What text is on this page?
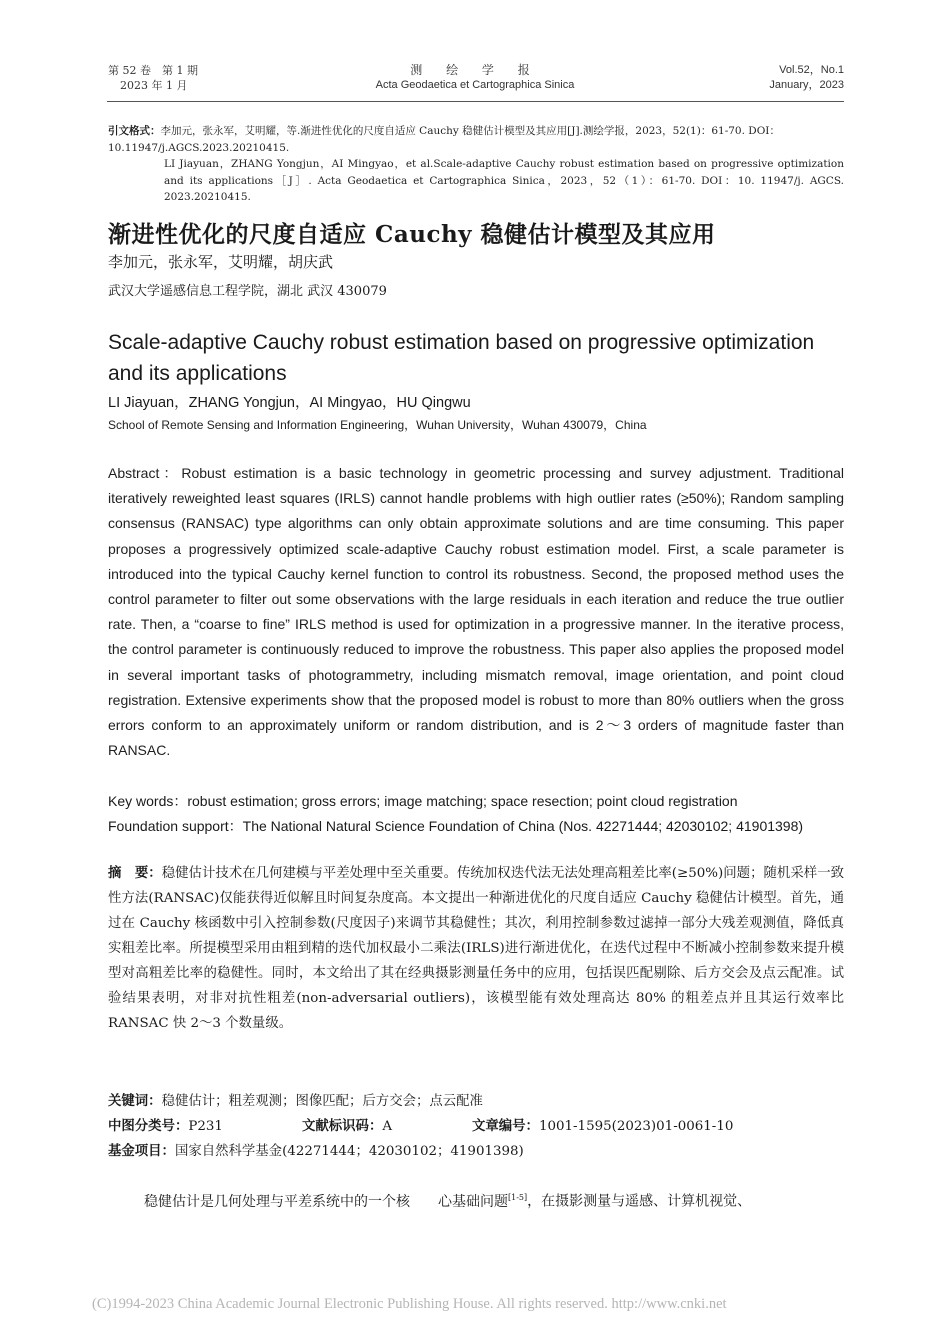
第 52 卷　第 1 期
2023 年 1 月
测 绘 学 报
Acta Geodaetica et Cartographica Sinica
Vol.52，No.1
January，2023
引文格式：李加元，张永军，艾明耀，等.渐进性优化的尺度自适应 Cauchy 稳健估计模型及其应用[J].测绘学报，2023，52(1)：61-70. DOI：10.11947/j.AGCS.2023.20210415.
LI Jiayuan，ZHANG Yongjun，AI Mingyao，et al.Scale-adaptive Cauchy robust estimation based on progressive optimization and its applications［J］. Acta Geodaetica et Cartographica Sinica，2023，52（1）：61-70. DOI：10. 11947/j. AGCS. 2023.20210415.
渐进性优化的尺度自适应 Cauchy 稳健估计模型及其应用
李加元，张永军，艾明耀，胡庆武
武汉大学遥感信息工程学院，湖北 武汉 430079
Scale-adaptive Cauchy robust estimation based on progressive optimization and its applications
LI Jiayuan，ZHANG Yongjun，AI Mingyao，HU Qingwu
School of Remote Sensing and Information Engineering，Wuhan University，Wuhan 430079，China
Abstract：Robust estimation is a basic technology in geometric processing and survey adjustment. Traditional iteratively reweighted least squares (IRLS) cannot handle problems with high outlier rates (≥50%); Random sampling consensus (RANSAC) type algorithms can only obtain approximate solutions and are time consuming. This paper proposes a progressively optimized scale-adaptive Cauchy robust estimation model. First, a scale parameter is introduced into the typical Cauchy kernel function to control its robustness. Second, the proposed method uses the control parameter to filter out some observations with the large residuals in each iteration and reduce the true outlier rate. Then, a “coarse to fine” IRLS method is used for optimization in a progressive manner. In the iterative process, the control parameter is continuously reduced to improve the robustness. This paper also applies the proposed model in several important tasks of photogrammetry, including mismatch removal, image orientation, and point cloud registration. Extensive experiments show that the proposed model is robust to more than 80% outliers when the gross errors conform to an approximately uniform or random distribution, and is 2～3 orders of magnitude faster than RANSAC.
Key words：robust estimation; gross errors; image matching; space resection; point cloud registration
Foundation support：The National Natural Science Foundation of China (Nos. 42271444; 42030102; 41901398)
摘　要：稳健估计技术在几何建模与平差处理中至关重要。传统加权迭代法无法处理高粗差比率(≥50%)问题；随机采样一致性方法(RANSAC)仅能获得近似解且时间复杂度高。本文提出一种渐进优化的尺度自适应 Cauchy 稳健估计模型。首先，通过在 Cauchy 核函数中引入控制参数(尺度因子)来调节其稳健性；其次，利用控制参数过滤掉一部分大残差观测值，降低真实粗差比率。所提模型采用由粗到精的迭代加权最小二乘法(IRLS)进行渐进优化，在迭代过程中不断减小控制参数来提升模型对高粗差比率的稳健性。同时，本文给出了其在经典摄影测量任务中的应用，包括误匹配剔除、后方交会及点云配准。试验结果表明，对非对抗性粗差(non-adversarial outliers)，该模型能有效处理高达 80% 的粗差点并且其运行效率比 RANSAC 快 2～3 个数量级。
关键词：稳健估计；粗差观测；图像匹配；后方交会；点云配准
中图分类号：P231	文献标识码：A	文章编号：1001-1595(2023)01-0061-10
基金项目：国家自然科学基金(42271444；42030102；41901398)
稳健估计是几何处理与平差系统中的一个核　　心基础问题[1-5]，在摄影测量与遥感、计算机视觉、
(C)1994-2023 China Academic Journal Electronic Publishing House. All rights reserved. http://www.cnki.net
